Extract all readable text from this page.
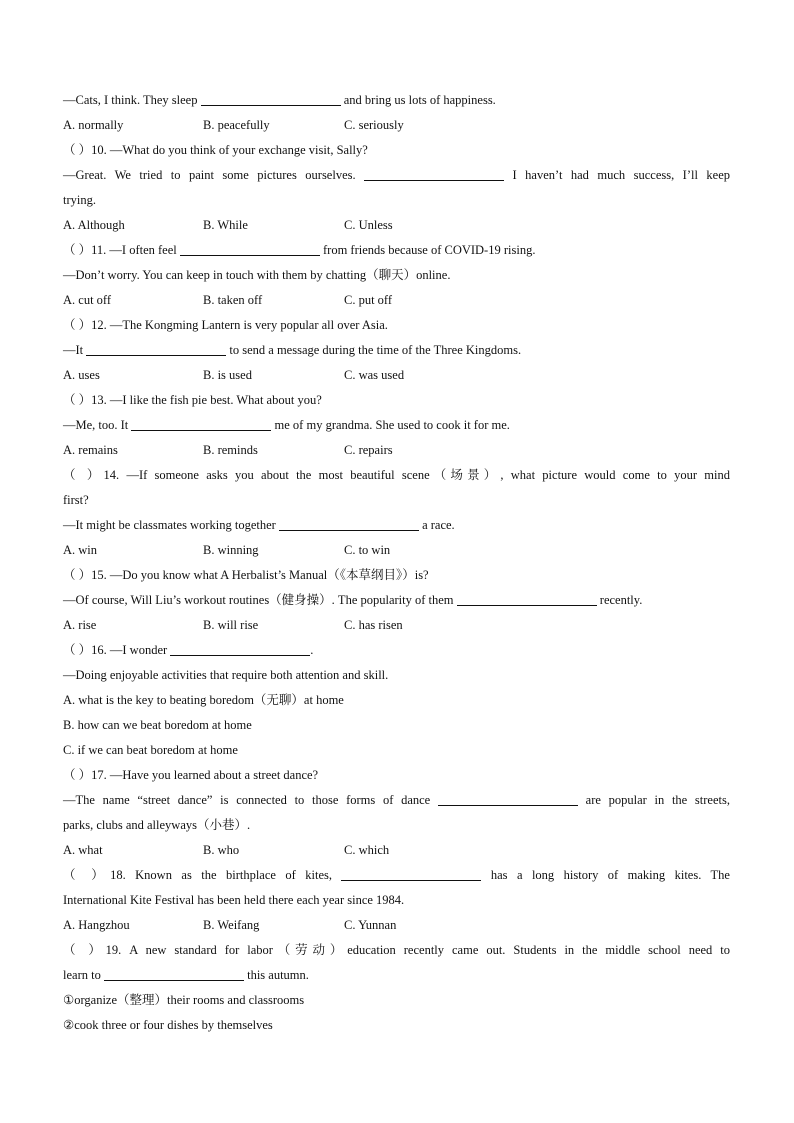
—Cats, I think. They sleep	and bring us lots of happiness.
A. normally	B. peacefully	C. seriously
（ ）10. —What do you think of your exchange visit, Sally?
—Great. We tried to paint some pictures ourselves.	I haven’t had much success, I’ll keep
trying.
A. Although	B. While	C. Unless
（ ）11. —I often feel	from friends because of COVID-19 rising.
—Don’t worry. You can keep in touch with them by chatting（聊天）online.
A. cut off	B. taken off	C. put off
（ ）12. —The Kongming Lantern is very popular all over Asia.
—It	to send a message during the time of the Three Kingdoms.
A. uses	B. is used	C. was used
（ ）13. —I like the fish pie best. What about you?
—Me, too. It	me of my grandma. She used to cook it for me.
A. remains	B. reminds	C. repairs
（ ）14. —If someone asks you about the most beautiful scene（场景）, what picture would come to your mind
first?
—It might be classmates working together	a race.
A. win	B. winning	C. to win
（ ）15. —Do you know what A Herbalist’s Manual（《本草纲目》）is?
—Of course, Will Liu’s workout routines（健身操）. The popularity of them	recently.
A. rise	B. will rise	C. has risen
（ ）16. —I wonder	.
—Doing enjoyable activities that require both attention and skill.
A. what is the key to beating boredom（无聊）at home
B. how can we beat boredom at home
C. if we can beat boredom at home
（ ）17. —Have you learned about a street dance?
—The name “street dance” is connected to those forms of dance	are popular in the streets,
parks, clubs and alleyways（小巷）.
A. what	B. who	C. which
（ ）18. Known as the birthplace of kites,	has a long history of making kites. The
International Kite Festival has been held there each year since 1984.
A. Hangzhou	B. Weifang	C. Yunnan
（ ）19. A new standard for labor（劳动）education recently came out. Students in the middle school need to
learn to	this autumn.
①organize（整理）their rooms and classrooms
②cook three or four dishes by themselves
